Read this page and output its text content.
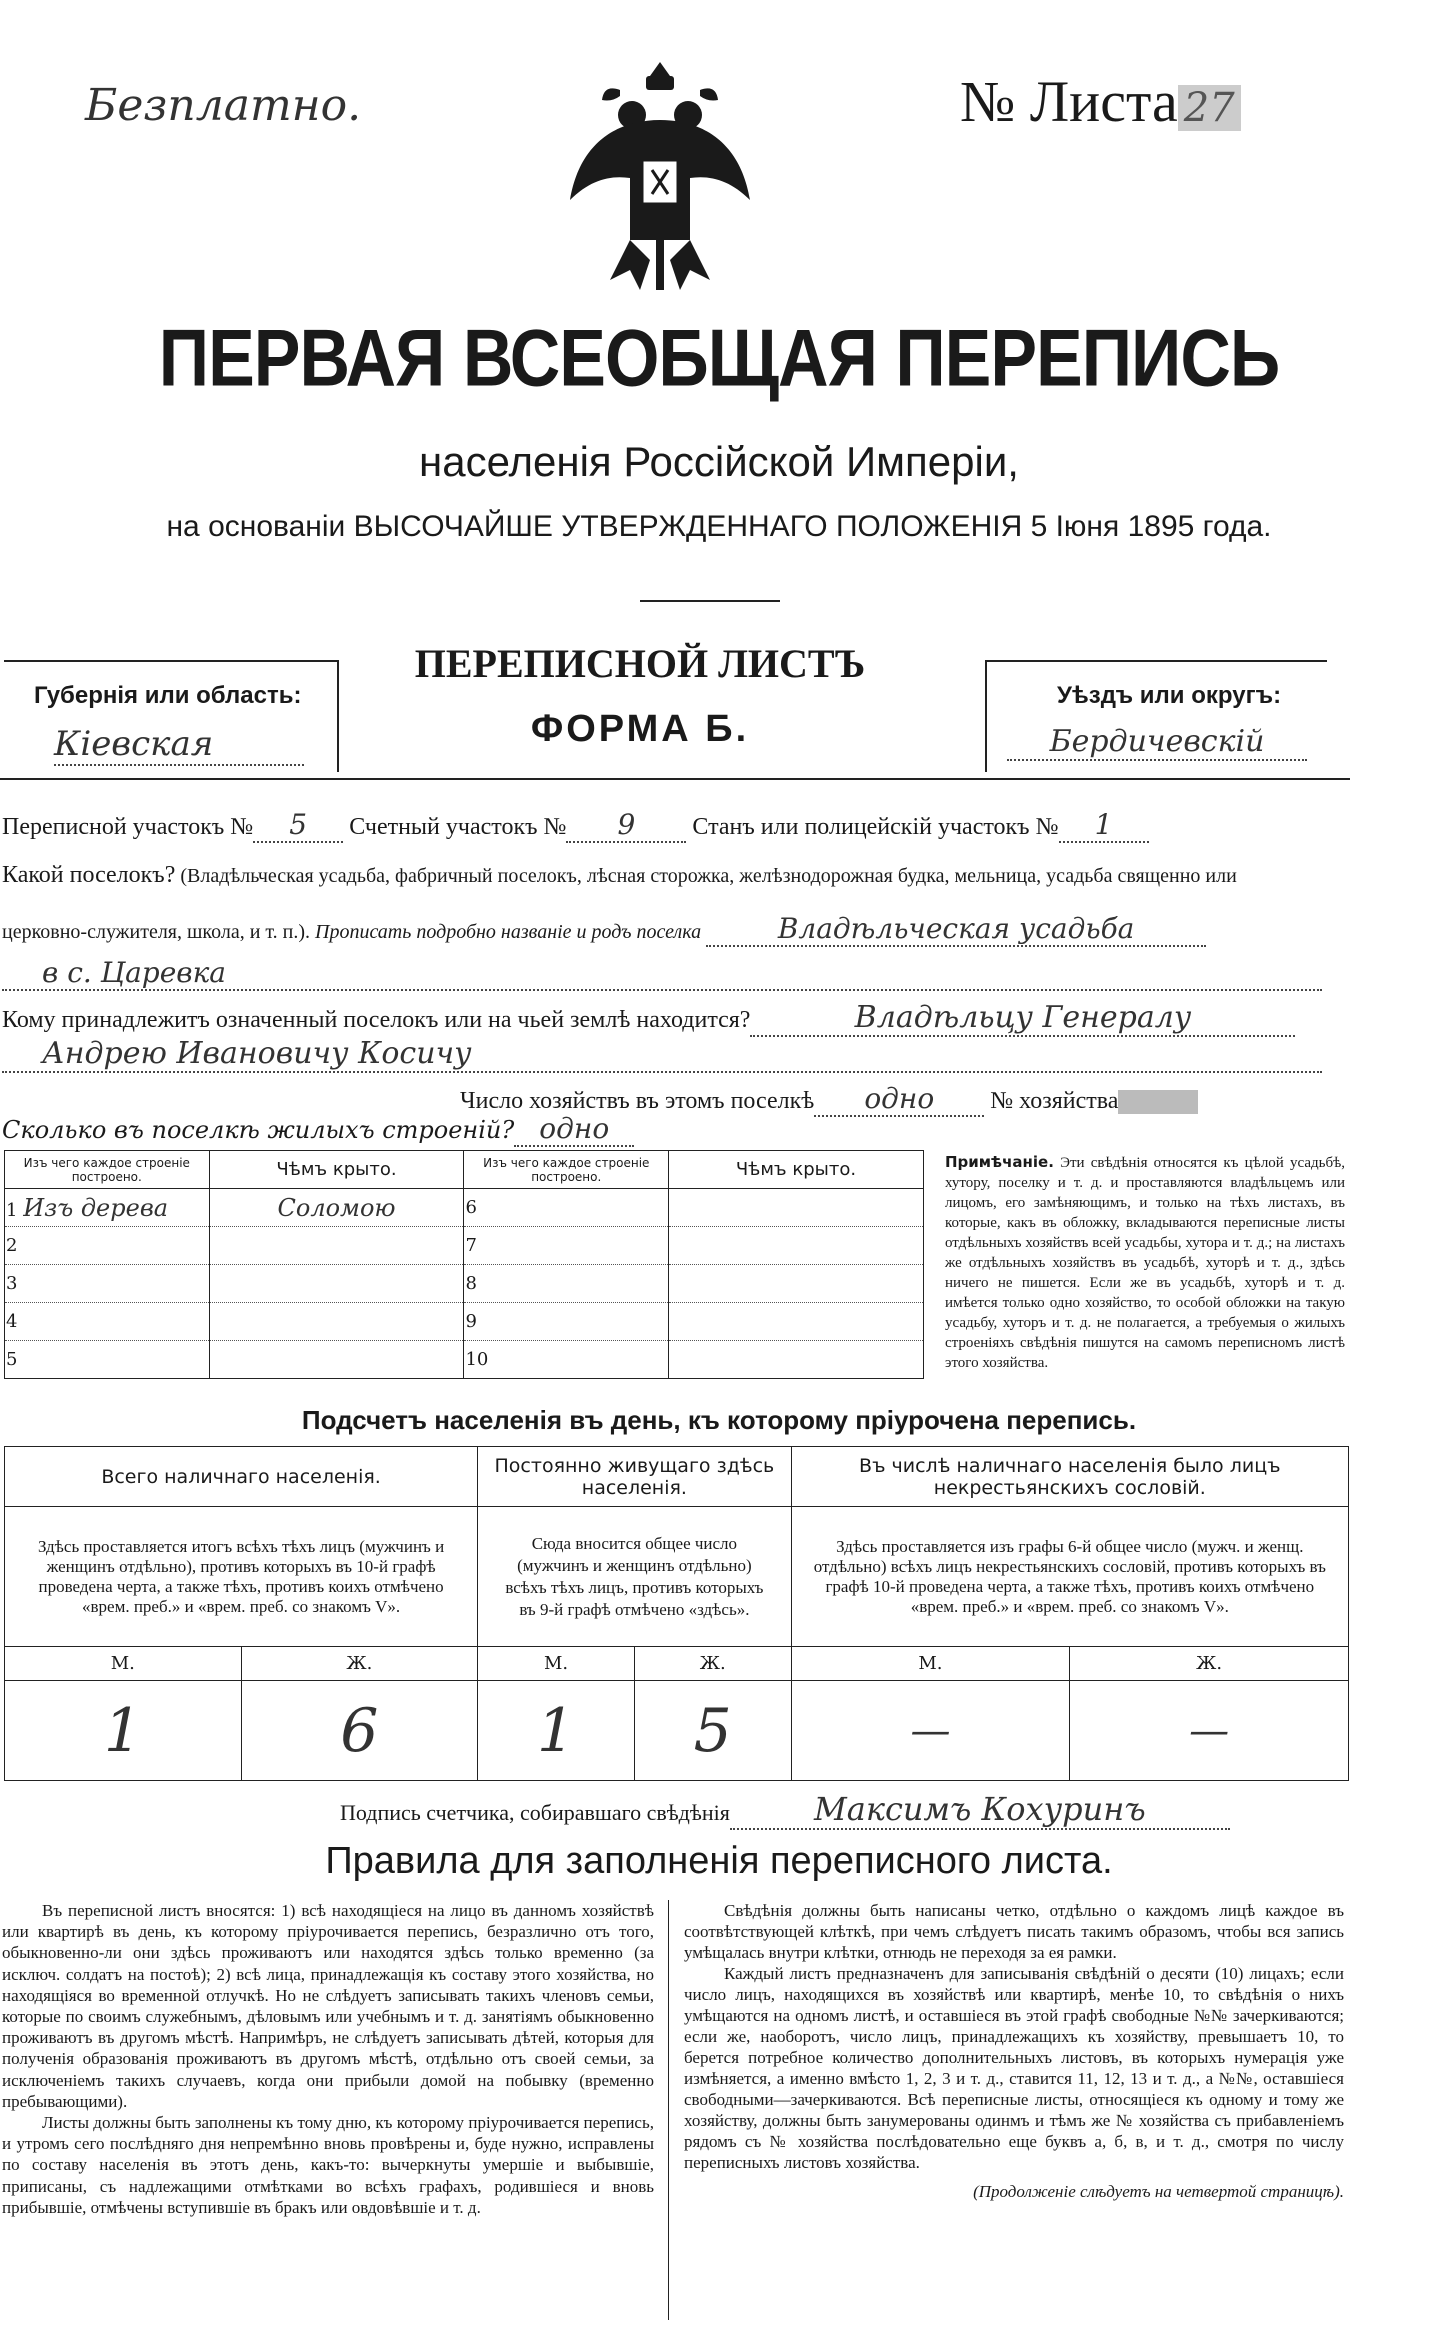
Безплатно.	№ Листа 27
ПЕРВАЯ ВСЕОБЩАЯ ПЕРЕПИСЬ
населенія Россійской Имперіи,
на основаніи ВЫСОЧАЙШЕ УТВЕРЖДЕННАГО ПОЛОЖЕНІЯ 5 Іюня 1895 года.
Губернія или область:
Кіевская
ПЕРЕПИСНОЙ ЛИСТЪ
ФОРМА Б.
Уѣздъ или округъ:
Бердичевскій
Переписной участокъ № 5 Счетный участокъ № 9 Станъ или полицейскій участокъ № 1
Какой поселокъ? (Владѣльческая усадьба, фабричный поселокъ, лѣсная сторожка, желѣзнодорожная будка, мельница, усадьба священно или
церковно-служителя, школа, и т. п.). Прописать подробно названіе и родъ поселка	Владѣльческая усадьба
в с. Царевка
Кому принадлежитъ означенный поселокъ или на чьей землѣ находится?	Владѣльцу Генералу
Андрею Ивановичу Косичу
Число хозяйствъ въ этомъ поселкѣ одно № хозяйства
Сколько въ поселкѣ жилыхъ строеній? одно
Изъ чего каждое строеніе построено.	Чѣмъ крыто.	Изъ чего каждое строеніе построено.	Чѣмъ крыто.
1 Изъ дерева	Соломою	6	
2		7	
3		8	
4		9	
5		10	
Примѣчаніе. Эти свѣдѣнія относятся къ цѣлой усадьбѣ, хутору, поселку и т. д. и проставляются владѣльцемъ или лицомъ, его замѣняющимъ, и только на тѣхъ листахъ, въ которые, какъ въ обложку, вкладываются переписные листы отдѣльныхъ хозяйствъ всей усадьбы, хутора и т. д.; на листахъ же отдѣльныхъ хозяйствъ въ усадьбѣ, хуторѣ и т. д., здѣсь ничего не пишется. Если же въ усадьбѣ, хуторѣ и т. д. имѣется только одно хозяйство, то особой обложки на такую усадьбу, хуторъ и т. д. не полагается, а требуемыя о жилыхъ строеніяхъ свѣдѣнія пишутся на самомъ переписномъ листѣ этого хозяйства.
Подсчетъ населенія въ день, къ которому пріурочена перепись.
Всего наличнаго населенія.		Постоянно живущаго здѣсь населенія.		Въ числѣ наличнаго населенія было лицъ некрестьянскихъ сословій.	
Здѣсь проставляется итогъ всѣхъ тѣхъ лицъ (мужчинъ и женщинъ отдѣльно), противъ которыхъ въ 10-й графѣ проведена черта, а также тѣхъ, противъ коихъ отмѣчено «врем. преб.» и «врем. преб. со знакомъ V».		Сюда вносится общее число (мужчинъ и женщинъ отдѣльно) всѣхъ тѣхъ лицъ, противъ которыхъ въ 9-й графѣ отмѣчено «здѣсь».		Здѣсь проставляется изъ графы 6-й общее число (мужч. и женщ. отдѣльно) всѣхъ лицъ некрестьянскихъ сословій, противъ которыхъ въ графѣ 10-й проведена черта, а также тѣхъ, противъ коихъ отмѣчено «врем. преб.» и «врем. преб. со знакомъ V».	
М.	Ж.	М.	Ж.	М.	Ж.
1	6	1	5	—	—
Подпись счетчика, собиравшаго свѣдѣнія	Максимъ Кохуринъ
Правила для заполненія переписного листа.
Въ переписной листъ вносятся: 1) всѣ находящіеся на лицо въ данномъ хозяйствѣ или квартирѣ въ день, къ которому пріурочивается перепись, безразлично отъ того, обыкновенно-ли они здѣсь проживаютъ или находятся здѣсь только временно (за исключ. солдатъ на постоѣ); 2) всѣ лица, принадлежащія къ составу этого хозяйства, но находящіяся во временной отлучкѣ. Но не слѣдуетъ записывать такихъ членовъ семьи, которые по своимъ служебнымъ, дѣловымъ или учебнымъ и т. д. занятіямъ обыкновенно проживаютъ въ другомъ мѣстѣ. Напримѣръ, не слѣдуетъ записывать дѣтей, которыя для полученія образованія проживаютъ въ другомъ мѣстѣ, отдѣльно отъ своей семьи, за исключеніемъ такихъ случаевъ, когда они прибыли домой на побывку (временно пребывающими).
Листы должны быть заполнены къ тому дню, къ которому пріурочивается перепись, и утромъ сего послѣдняго дня непремѣнно вновь провѣрены и, буде нужно, исправлены по составу населенія въ этотъ день, какъ-то: вычеркнуты умершіе и выбывшіе, приписаны, съ надлежащими отмѣтками во всѣхъ графахъ, родившіеся и вновь прибывшіе, отмѣчены вступившіе въ бракъ или овдовѣвшіе и т. д.
Свѣдѣнія должны быть написаны четко, отдѣльно о каждомъ лицѣ каждое въ соотвѣтствующей клѣткѣ, при чемъ слѣдуетъ писать такимъ образомъ, чтобы вся запись умѣщалась внутри клѣтки, отнюдь не переходя за ея рамки.
Каждый листъ предназначенъ для записыванія свѣдѣній о десяти (10) лицахъ; если число лицъ, находящихся въ хозяйствѣ или квартирѣ, менѣе 10, то свѣдѣнія о нихъ умѣщаются на одномъ листѣ, и оставшіеся въ этой графѣ свободные №№ зачеркиваются; если же, наоборотъ, число лицъ, принадлежащихъ къ хозяйству, превышаетъ 10, то берется потребное количество дополнительныхъ листовъ, въ которыхъ нумерація уже измѣняется, а именно вмѣсто 1, 2, 3 и т. д., ставится 11, 12, 13 и т. д., а №№, оставшіеся свободными—зачеркиваются. Всѣ переписные листы, относящіеся къ одному и тому же хозяйству, должны быть занумерованы одинмъ и тѣмъ же № хозяйства съ прибавленіемъ рядомъ съ № хозяйства послѣдовательно еще буквъ а, б, в, и т. д., смотря по числу переписныхъ листовъ хозяйства.
(Продолженіе слѣдуетъ на четвертой страницѣ).
